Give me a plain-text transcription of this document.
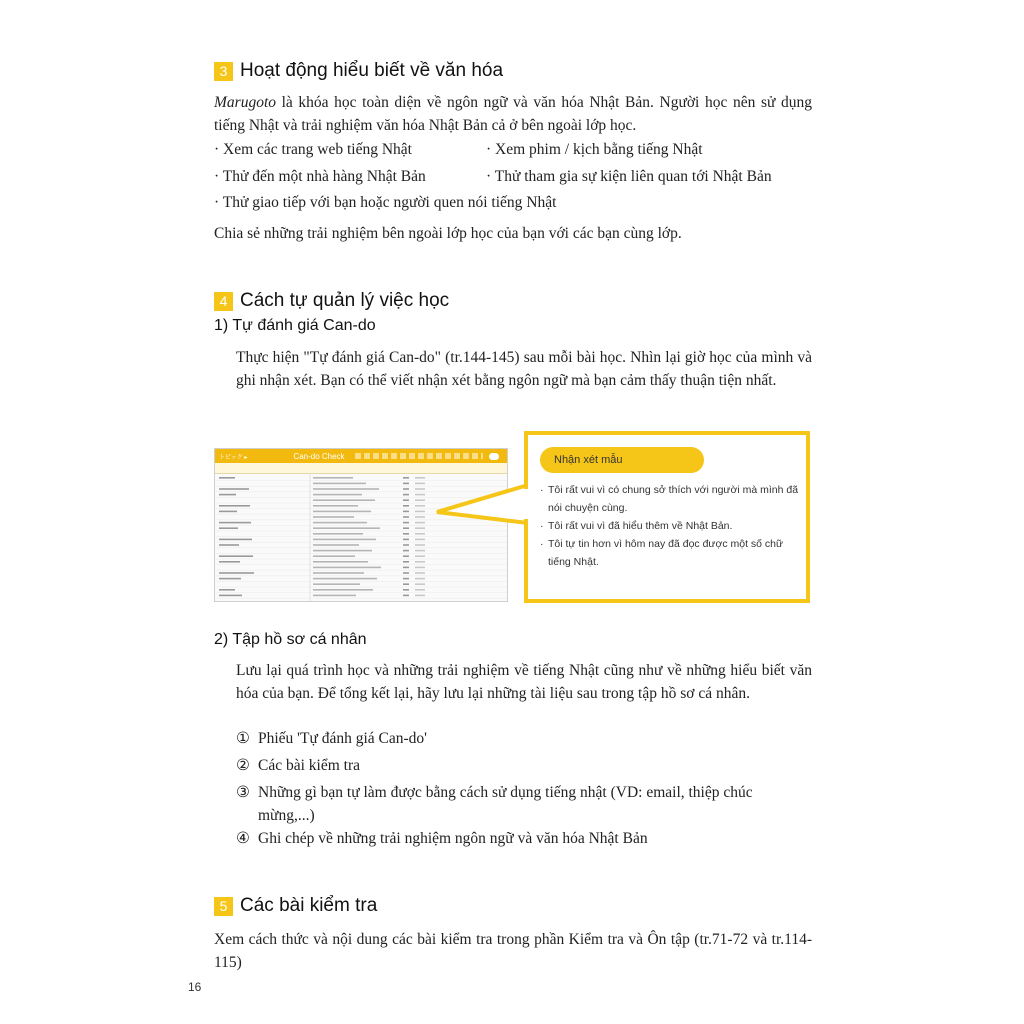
3 Hoạt động hiểu biết về văn hóa

Marugoto là khóa học toàn diện về ngôn ngữ và văn hóa Nhật Bản. Người học nên sử dụng tiếng Nhật và trải nghiệm văn hóa Nhật Bản cả ở bên ngoài lớp học.

· Xem các trang web tiếng Nhật	· Xem phim / kịch bằng tiếng Nhật
· Thử đến một nhà hàng Nhật Bản	· Thử tham gia sự kiện liên quan tới Nhật Bản
· Thử giao tiếp với bạn hoặc người quen nói tiếng Nhật
Chia sẻ những trải nghiệm bên ngoài lớp học của bạn với các bạn cùng lớp.
4 Cách tự quản lý việc học
1) Tự đánh giá Can-do

Thực hiện "Tự đánh giá Can-do" (tr.144-145) sau mỗi bài học. Nhìn lại giờ học của mình và ghi nhận xét. Bạn có thể viết nhận xét bằng ngôn ngữ mà bạn cảm thấy thuận tiện nhất.

トピック ▸	Can-do Check	Nhận xét mẫu
· Tôi rất vui vì có chung sở thích với người mà mình đã nói chuyện cùng.
· Tôi rất vui vì đã hiểu thêm về Nhật Bản.
· Tôi tự tin hơn vì hôm nay đã đọc được một số chữ tiếng Nhật.
2) Tập hồ sơ cá nhân

Lưu lại quá trình học và những trải nghiệm về tiếng Nhật cũng như về những hiểu biết văn hóa của bạn. Để tổng kết lại, hãy lưu lại những tài liệu sau trong tập hồ sơ cá nhân.

① Phiếu 'Tự đánh giá Can-do'
② Các bài kiểm tra
③ Những gì bạn tự làm được bằng cách sử dụng tiếng nhật (VD: email, thiệp chúc mừng,...)
④ Ghi chép về những trải nghiệm ngôn ngữ và văn hóa Nhật Bản
5 Các bài kiểm tra

Xem cách thức và nội dung các bài kiểm tra trong phần Kiểm tra và Ôn tập (tr.71-72 và tr.114-115)

16
